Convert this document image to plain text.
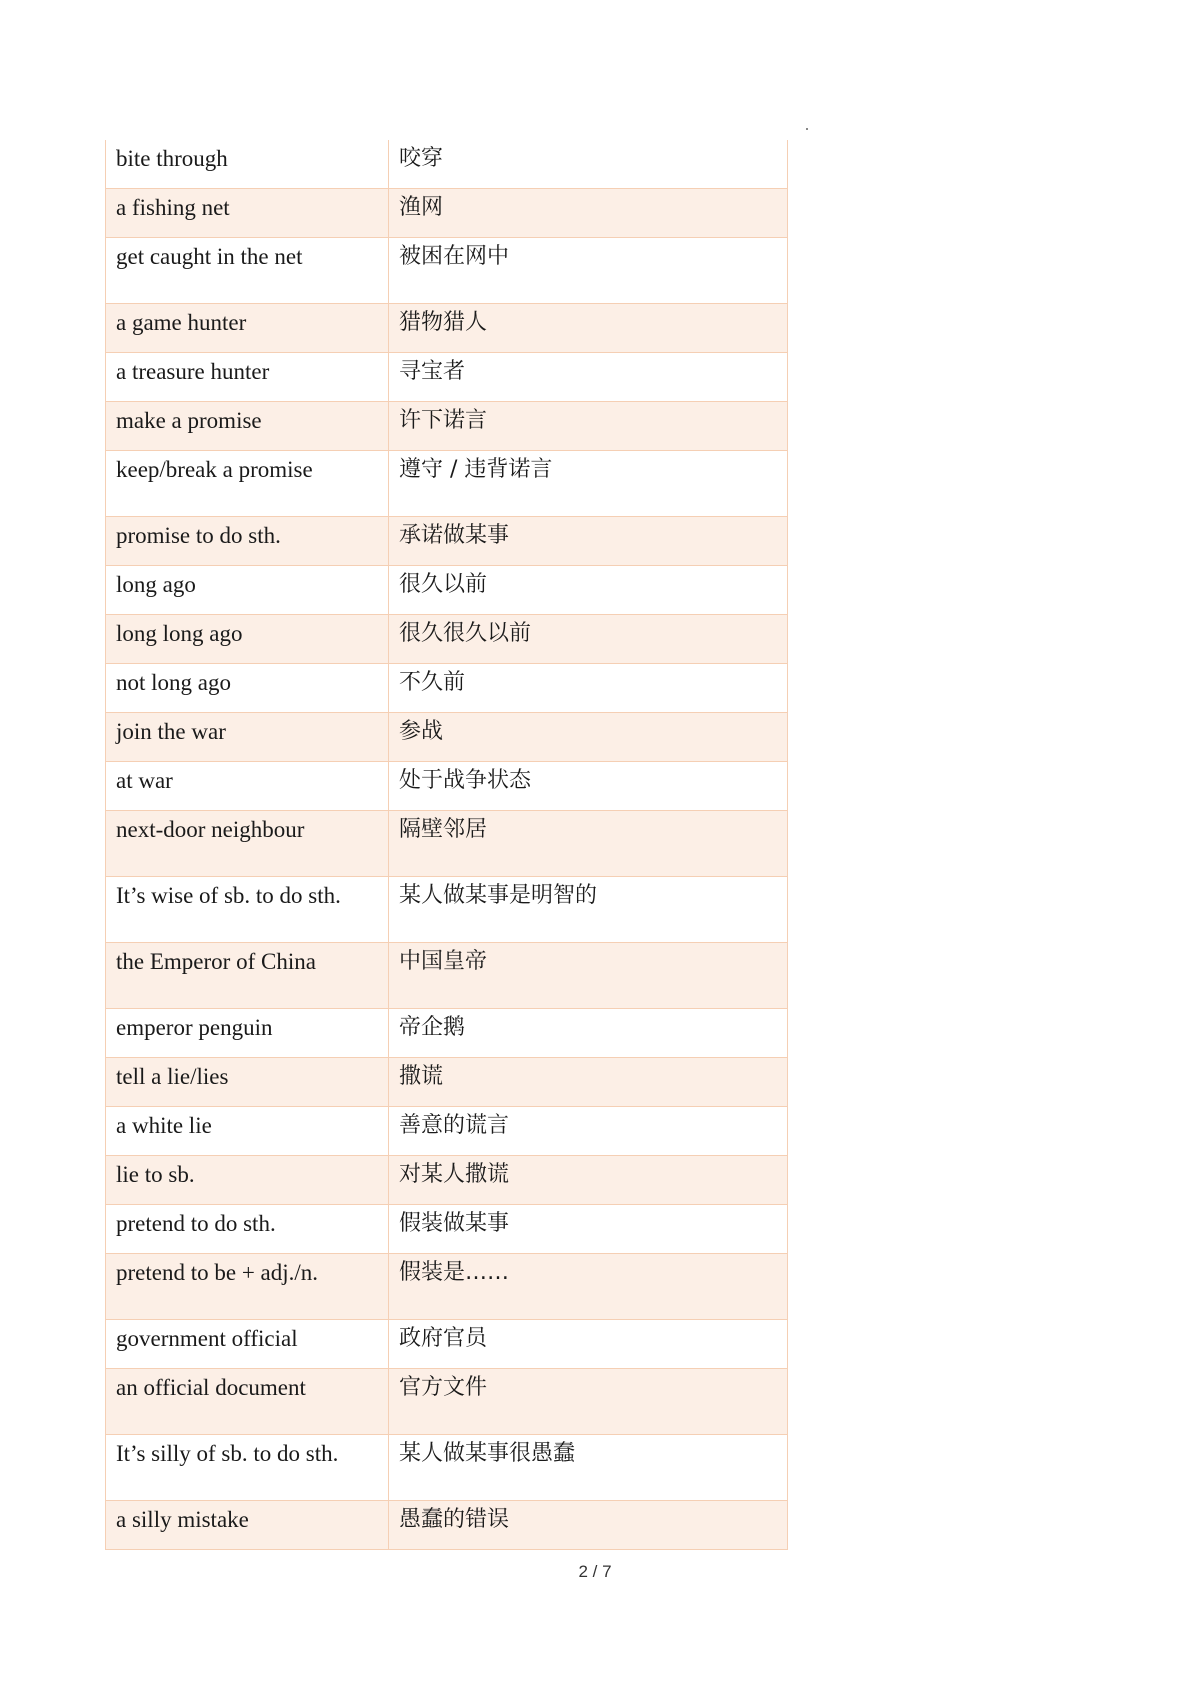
bite through	咬穿
a fishing net	渔网
get caught in the net	被困在网中
a game hunter	猎物猎人
a treasure hunter	寻宝者
make a promise	许下诺言
keep/break a promise	遵守 / 违背诺言
promise to do sth.	承诺做某事
long ago	很久以前
long long ago	很久很久以前
not long ago	不久前
join the war	参战
at war	处于战争状态
next-door neighbour	隔壁邻居
It’s wise of sb. to do sth.	某人做某事是明智的
the Emperor of China	中国皇帝
emperor penguin	帝企鹅
tell a lie/lies	撒谎
a white lie	善意的谎言
lie to sb.	对某人撒谎
pretend to do sth.	假装做某事
pretend to be + adj./n.	假装是……
government official	政府官员
an official document	官方文件
It’s silly of sb. to do sth.	某人做某事很愚蠢
a silly mistake	愚蠢的错误
2 / 7
